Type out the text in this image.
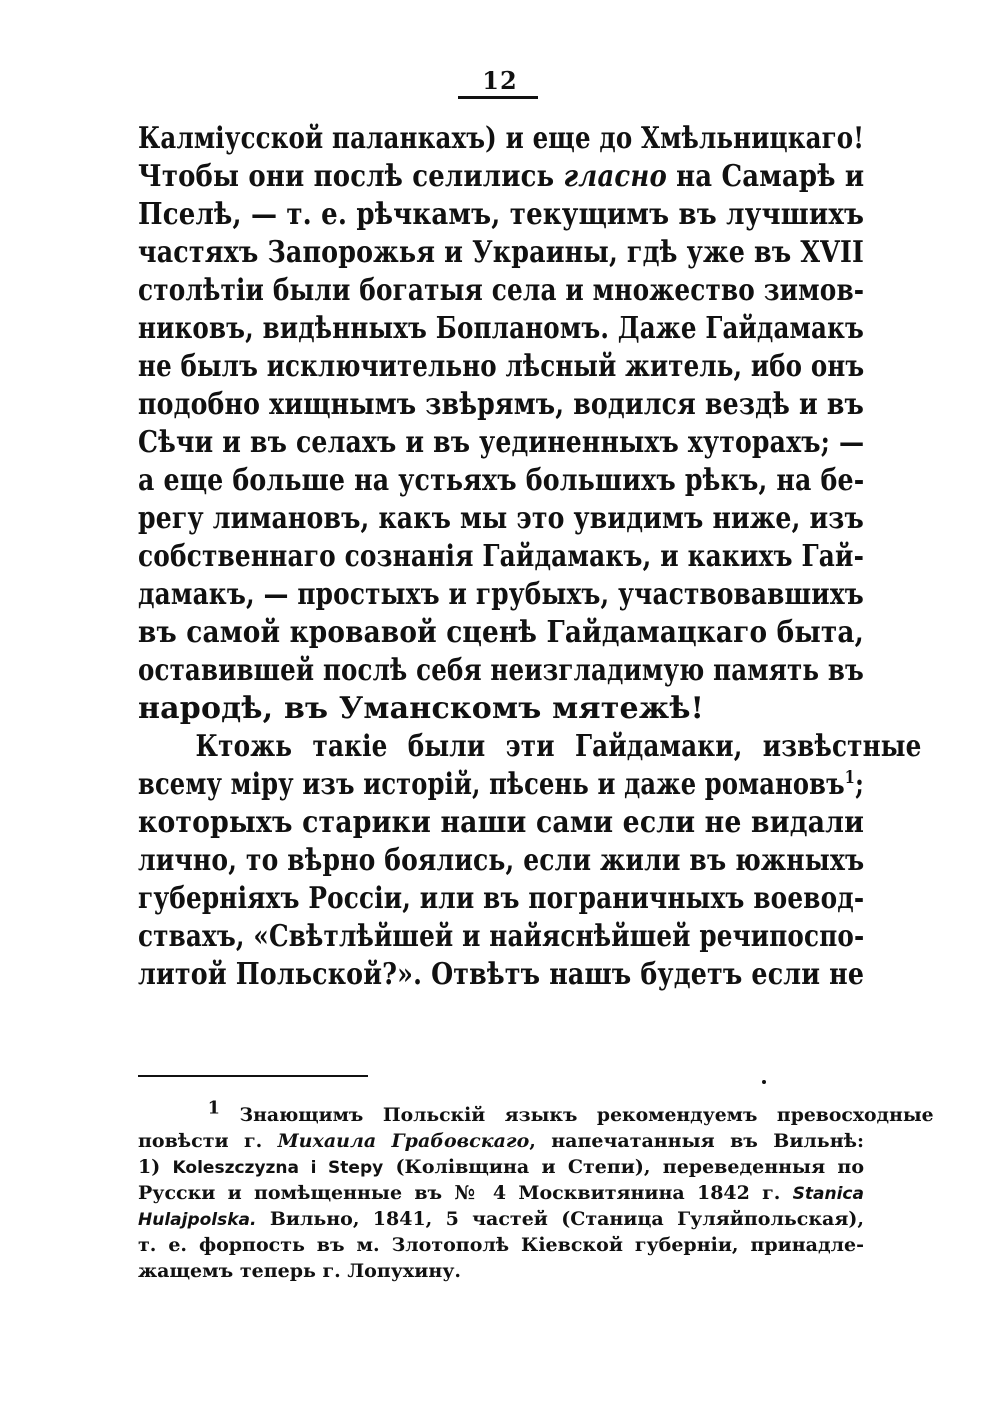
12
Калміусской паланкахъ) и еще до Хмѣльницкаго!
Чтобы они послѣ селились гласно на Самарѣ и
Пселѣ, — т. е. рѣчкамъ, текущимъ въ лучшихъ
частяхъ Запорожья и Украины, гдѣ уже въ XVII
столѣтіи были богатыя села и множество зимов-
никовъ, видѣнныхъ Бопланомъ. Даже Гайдамакъ
не былъ исключительно лѣсный житель, ибо онъ
подобно хищнымъ звѣрямъ, водился вездѣ и въ
Сѣчи и въ селахъ и въ уединенныхъ хуторахъ; —
а еще больше на устьяхъ большихъ рѣкъ, на бе-
регу лимановъ, какъ мы это увидимъ ниже, изъ
собственнаго сознанія Гайдамакъ, и какихъ Гай-
дамакъ, — простыхъ и грубыхъ, участвовавшихъ
въ самой кровавой сценѣ Гайдамацкаго быта,
оставившей послѣ себя неизгладимую память въ
народѣ, въ Уманскомъ мятежѣ!
Ктожь такіе были эти Гайдамаки, извѣстные
всему міру изъ исторій, пѣсень и даже романовъ$^1$;
которыхъ старики наши сами если не видали
лично, то вѣрно боялись, если жили въ южныхъ
губерніяхъ Россіи, или въ пограничныхъ воевод-
ствахъ, «Свѣтлѣйшей и найяснѣйшей речипоспо-
литой Польской?». Отвѣтъ нашъ будетъ если не
$^1$ Знающимъ Польскій языкъ рекомендуемъ превосходные
повѣсти г. Михаила Грабовскаго, напечатанныя въ Вильнѣ:
1) Koleszczyzna i Stepy (Колівщина и Степи), переведенныя по
Русски и помѣщенные въ № 4 Москвитянина 1842 г. Stanica
Hulajpolska. Вильно, 1841, 5 частей (Станица Гуляйпольская),
т. е. форпость въ м. Злотополѣ Кіевской губерніи, принадле-
жащемъ теперь г. Лопухину.
